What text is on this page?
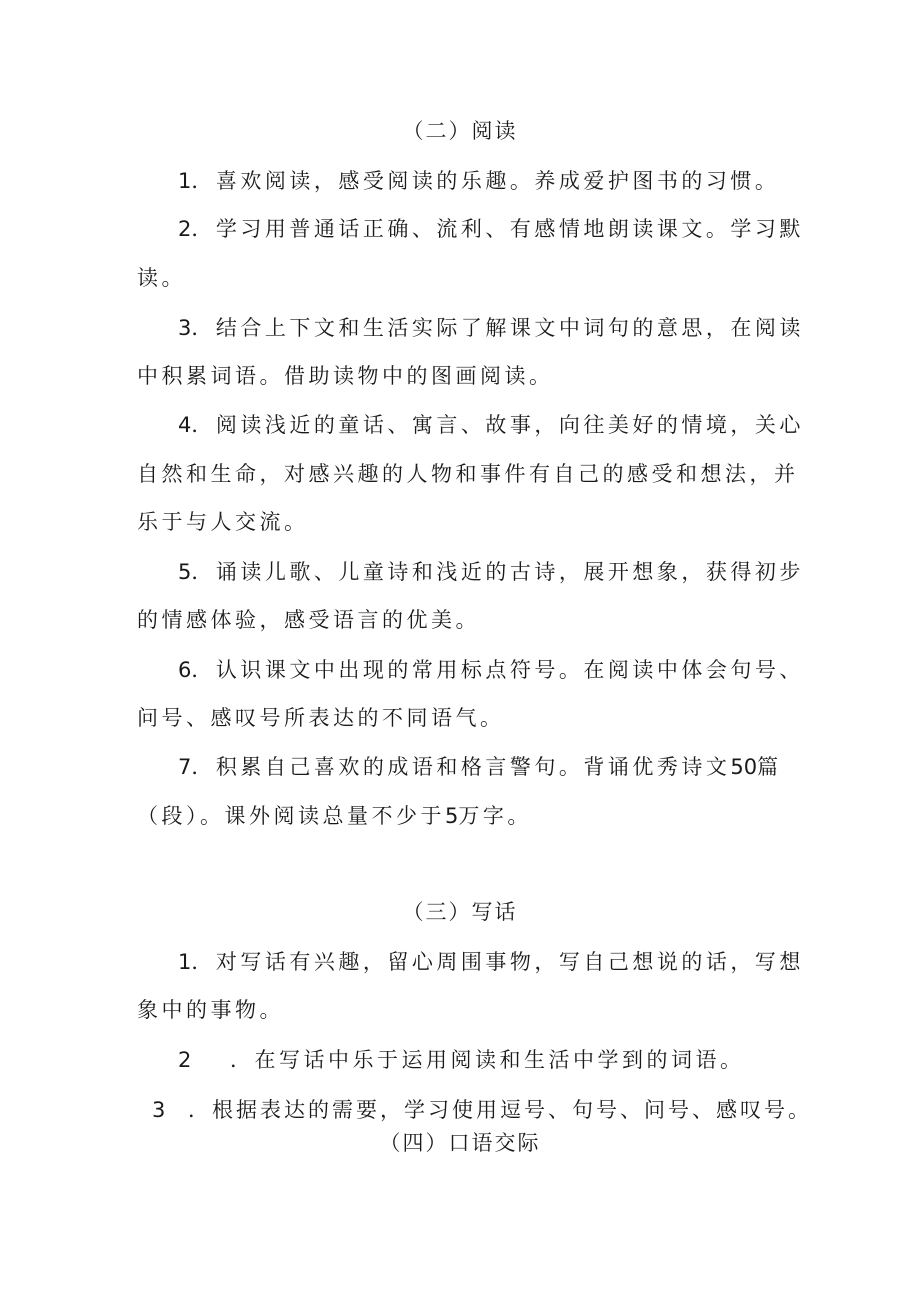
（二）阅读
1．喜欢阅读，感受阅读的乐趣。养成爱护图书的习惯。
2．学习用普通话正确、流利、有感情地朗读课文。学习默
读。
3．结合上下文和生活实际了解课文中词句的意思，在阅读
中积累词语。借助读物中的图画阅读。
4．阅读浅近的童话、寓言、故事，向往美好的情境，关心
自然和生命，对感兴趣的人物和事件有自己的感受和想法，并
乐于与人交流。
5．诵读儿歌、儿童诗和浅近的古诗，展开想象，获得初步
的情感体验，感受语言的优美。
6．认识课文中出现的常用标点符号。在阅读中体会句号、
问号、感叹号所表达的不同语气。
7．积累自己喜欢的成语和格言警句。背诵优秀诗文50篇
（段）。课外阅读总量不少于5万字。
（三）写话
1．对写话有兴趣，留心周围事物，写自己想说的话，写想
象中的事物。
2 ．在写话中乐于运用阅读和生活中学到的词语。
3 ．根据表达的需要，学习使用逗号、句号、问号、感叹号。
（四）口语交际
